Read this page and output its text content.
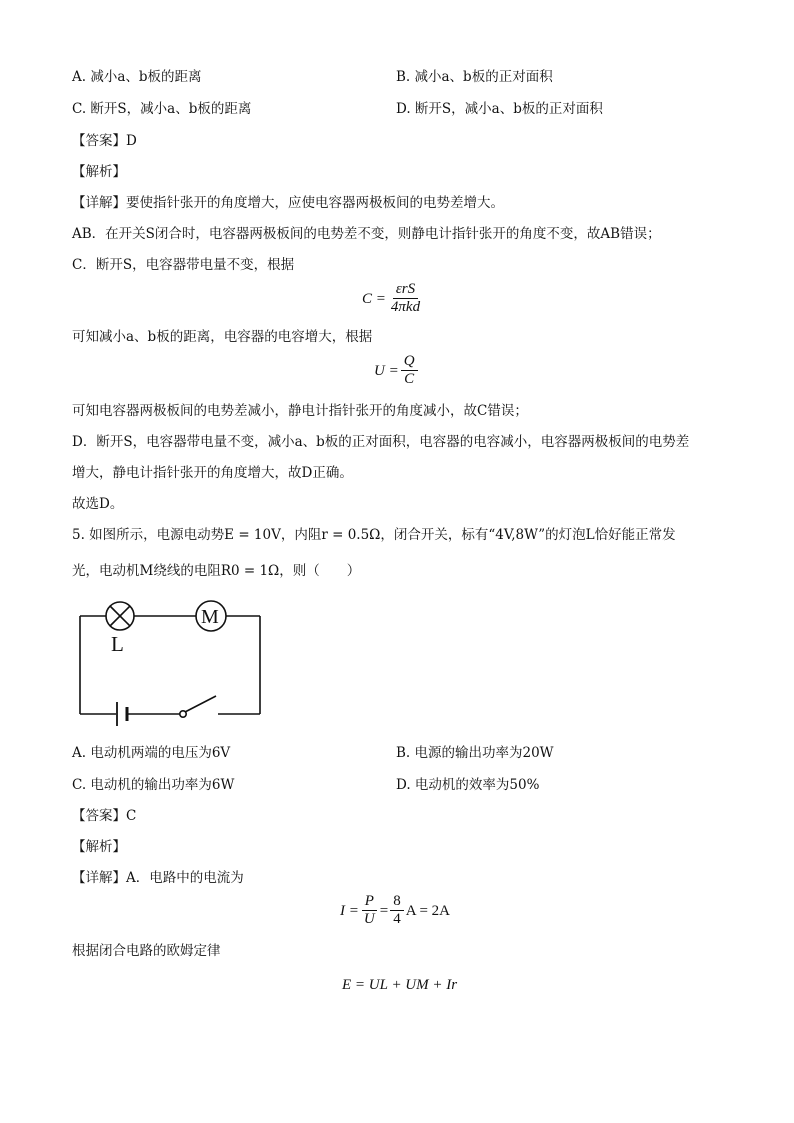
A. 减小a、b板的距离	B. 减小a、b板的正对面积
C. 断开S，减小a、b板的距离	D. 断开S，减小a、b板的正对面积
【答案】D
【解析】
【详解】要使指针张开的角度增大，应使电容器两极板间的电势差增大。
AB．在开关S闭合时，电容器两极板间的电势差不变，则静电计指针张开的角度不变，故AB错误；
C．断开S，电容器带电量不变，根据
$C = \frac{\text{εrS}}{\text{4πkd}}$
可知减小a、b板的距离，电容器的电容增大，根据
$U = \frac{Q}{C}$
可知电容器两极板间的电势差减小，静电计指针张开的角度减小，故C错误；
D．断开S，电容器带电量不变，减小a、b板的正对面积，电容器的电容减小，电容器两极板间的电势差
增大，静电计指针张开的角度增大，故D正确。
故选D。
5. 如图所示，电源电动势E = 10V，内阻r = 0.5Ω，闭合开关，标有“4V,8W”的灯泡L恰好能正常发
光，电动机M绕线的电阻R0 = 1Ω，则（　　）
L
M
A. 电动机两端的电压为6V	B. 电源的输出功率为20W
C. 电动机的输出功率为6W	D. 电动机的效率为50%
【答案】C
【解析】
【详解】A．电路中的电流为
$I = \frac{P}{U} = \frac{8}{4}$ A = 2A
根据闭合电路的欧姆定律
E = UL + UM + Ir
